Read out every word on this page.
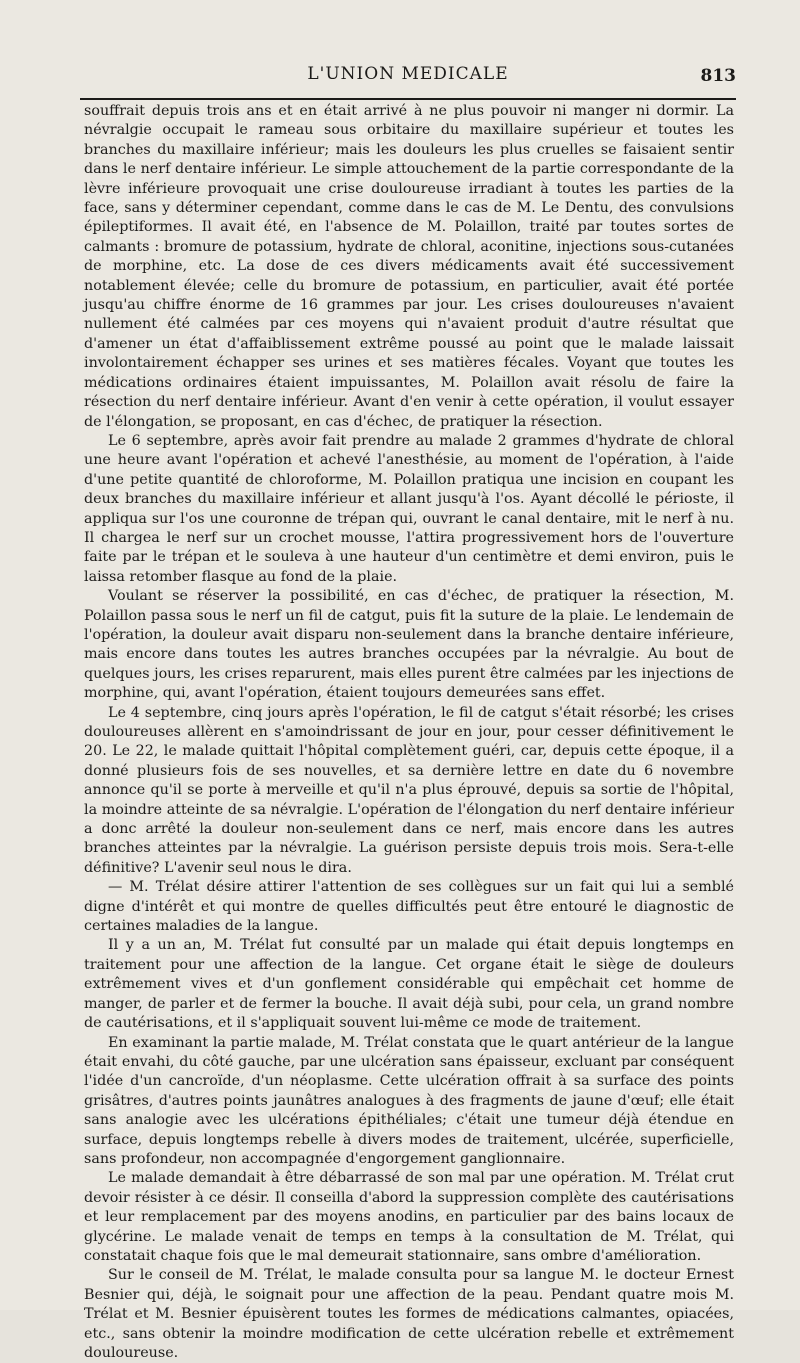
L'UNION MEDICALE	813

souffrait depuis trois ans et en était arrivé à ne plus pouvoir ni manger ni dormir. La névralgie occupait le rameau sous orbitaire du maxillaire supérieur et toutes les branches du maxillaire inférieur; mais les douleurs les plus cruelles se faisaient sentir dans le nerf dentaire inférieur. Le simple attouchement de la partie correspondante de la lèvre inférieure provoquait une crise douloureuse irradiant à toutes les parties de la face, sans y déterminer cependant, comme dans le cas de M. Le Dentu, des convulsions épileptiformes. Il avait été, en l'absence de M. Polaillon, traité par toutes sortes de calmants : bromure de potassium, hydrate de chloral, aconitine, injections sous-cutanées de morphine, etc. La dose de ces divers médicaments avait été successivement notablement élevée; celle du bromure de potassium, en particulier, avait été portée jusqu'au chiffre énorme de 16 grammes par jour. Les crises douloureuses n'avaient nullement été calmées par ces moyens qui n'avaient produit d'autre résultat que d'amener un état d'affaiblissement extrême poussé au point que le malade laissait involontairement échapper ses urines et ses matières fécales. Voyant que toutes les médications ordinaires étaient impuissantes, M. Polaillon avait résolu de faire la résection du nerf dentaire inférieur. Avant d'en venir à cette opération, il voulut essayer de l'élongation, se proposant, en cas d'échec, de pratiquer la résection.

Le 6 septembre, après avoir fait prendre au malade 2 grammes d'hydrate de chloral une heure avant l'opération et achevé l'anesthésie, au moment de l'opération, à l'aide d'une petite quantité de chloroforme, M. Polaillon pratiqua une incision en coupant les deux branches du maxillaire inférieur et allant jusqu'à l'os. Ayant décollé le périoste, il appliqua sur l'os une couronne de trépan qui, ouvrant le canal dentaire, mit le nerf à nu. Il chargea le nerf sur un crochet mousse, l'attira progressivement hors de l'ouverture faite par le trépan et le souleva à une hauteur d'un centimètre et demi environ, puis le laissa retomber flasque au fond de la plaie.

Voulant se réserver la possibilité, en cas d'échec, de pratiquer la résection, M. Polaillon passa sous le nerf un fil de catgut, puis fit la suture de la plaie. Le lendemain de l'opération, la douleur avait disparu non-seulement dans la branche dentaire inférieure, mais encore dans toutes les autres branches occupées par la névralgie. Au bout de quelques jours, les crises reparurent, mais elles purent être calmées par les injections de morphine, qui, avant l'opération, étaient toujours demeurées sans effet.

Le 4 septembre, cinq jours après l'opération, le fil de catgut s'était résorbé; les crises douloureuses allèrent en s'amoindrissant de jour en jour, pour cesser définitivement le 20. Le 22, le malade quittait l'hôpital complètement guéri, car, depuis cette époque, il a donné plusieurs fois de ses nouvelles, et sa dernière lettre en date du 6 novembre annonce qu'il se porte à merveille et qu'il n'a plus éprouvé, depuis sa sortie de l'hôpital, la moindre atteinte de sa névralgie. L'opération de l'élongation du nerf dentaire inférieur a donc arrêté la douleur non-seulement dans ce nerf, mais encore dans les autres branches atteintes par la névralgie. La guérison persiste depuis trois mois. Sera-t-elle définitive? L'avenir seul nous le dira.

— M. Trélat désire attirer l'attention de ses collègues sur un fait qui lui a semblé digne d'intérêt et qui montre de quelles difficultés peut être entouré le diagnostic de certaines maladies de la langue.

Il y a un an, M. Trélat fut consulté par un malade qui était depuis longtemps en traitement pour une affection de la langue. Cet organe était le siège de douleurs extrêmement vives et d'un gonflement considérable qui empêchait cet homme de manger, de parler et de fermer la bouche. Il avait déjà subi, pour cela, un grand nombre de cautérisations, et il s'appliquait souvent lui-même ce mode de traitement.

En examinant la partie malade, M. Trélat constata que le quart antérieur de la langue était envahi, du côté gauche, par une ulcération sans épaisseur, excluant par conséquent l'idée d'un cancroïde, d'un néoplasme. Cette ulcération offrait à sa surface des points grisâtres, d'autres points jaunâtres analogues à des fragments de jaune d'œuf; elle était sans analogie avec les ulcérations épithéliales; c'était une tumeur déjà étendue en surface, depuis longtemps rebelle à divers modes de traitement, ulcérée, superficielle, sans profondeur, non accompagnée d'engorgement ganglionnaire.

Le malade demandait à être débarrassé de son mal par une opération. M. Trélat crut devoir résister à ce désir. Il conseilla d'abord la suppression complète des cautérisations et leur remplacement par des moyens anodins, en particulier par des bains locaux de glycérine. Le malade venait de temps en temps à la consultation de M. Trélat, qui constatait chaque fois que le mal demeurait stationnaire, sans ombre d'amélioration.

Sur le conseil de M. Trélat, le malade consulta pour sa langue M. le docteur Ernest Besnier qui, déjà, le soignait pour une affection de la peau. Pendant quatre mois M. Trélat et M. Besnier épuisèrent toutes les formes de médications calmantes, opiacées, etc., sans obtenir la moindre modification de cette ulcération rebelle et extrêmement douloureuse.
